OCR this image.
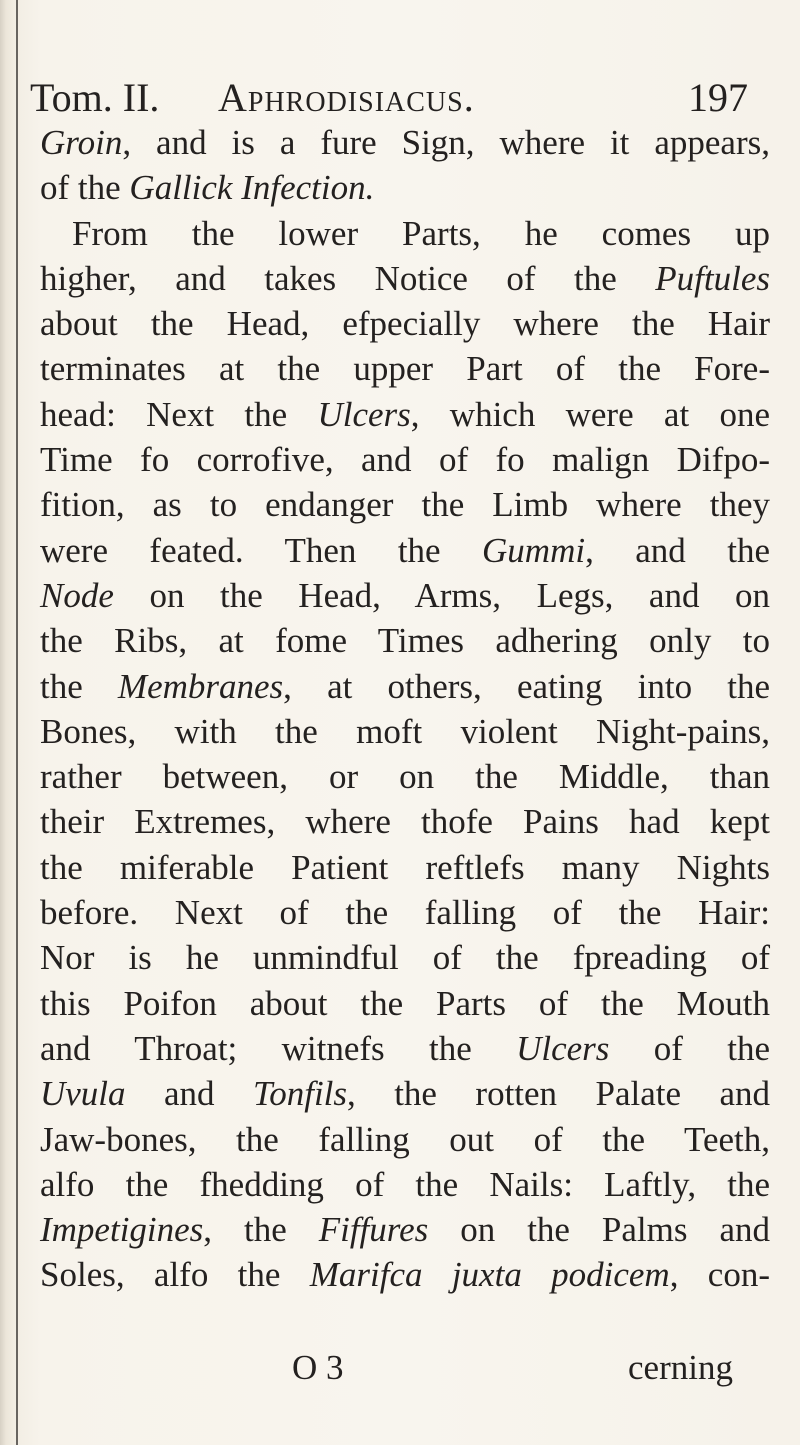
Tom. II. Aphrodisiacus.	197
Groin, and is a fure Sign, where it appears,
of the Gallick Infection.
From the lower Parts, he comes up
higher, and takes Notice of the Puftules
about the Head, efpecially where the Hair
terminates at the upper Part of the Fore-
head: Next the Ulcers, which were at one
Time fo corrofive, and of fo malign Difpo-
fition, as to endanger the Limb where they
were feated. Then the Gummi, and the
Node on the Head, Arms, Legs, and on
the Ribs, at fome Times adhering only to
the Membranes, at others, eating into the
Bones, with the moft violent Night-pains,
rather between, or on the Middle, than
their Extremes, where thofe Pains had kept
the miferable Patient reftlefs many Nights
before. Next of the falling of the Hair:
Nor is he unmindful of the fpreading of
this Poifon about the Parts of the Mouth
and Throat; witnefs the Ulcers of the
Uvula and Tonfils, the rotten Palate and
Jaw-bones, the falling out of the Teeth,
alfo the fhedding of the Nails: Laftly, the
Impetigines, the Fiffures on the Palms and
Soles, alfo the Marifca juxta podicem, con-
O 3	cerning
